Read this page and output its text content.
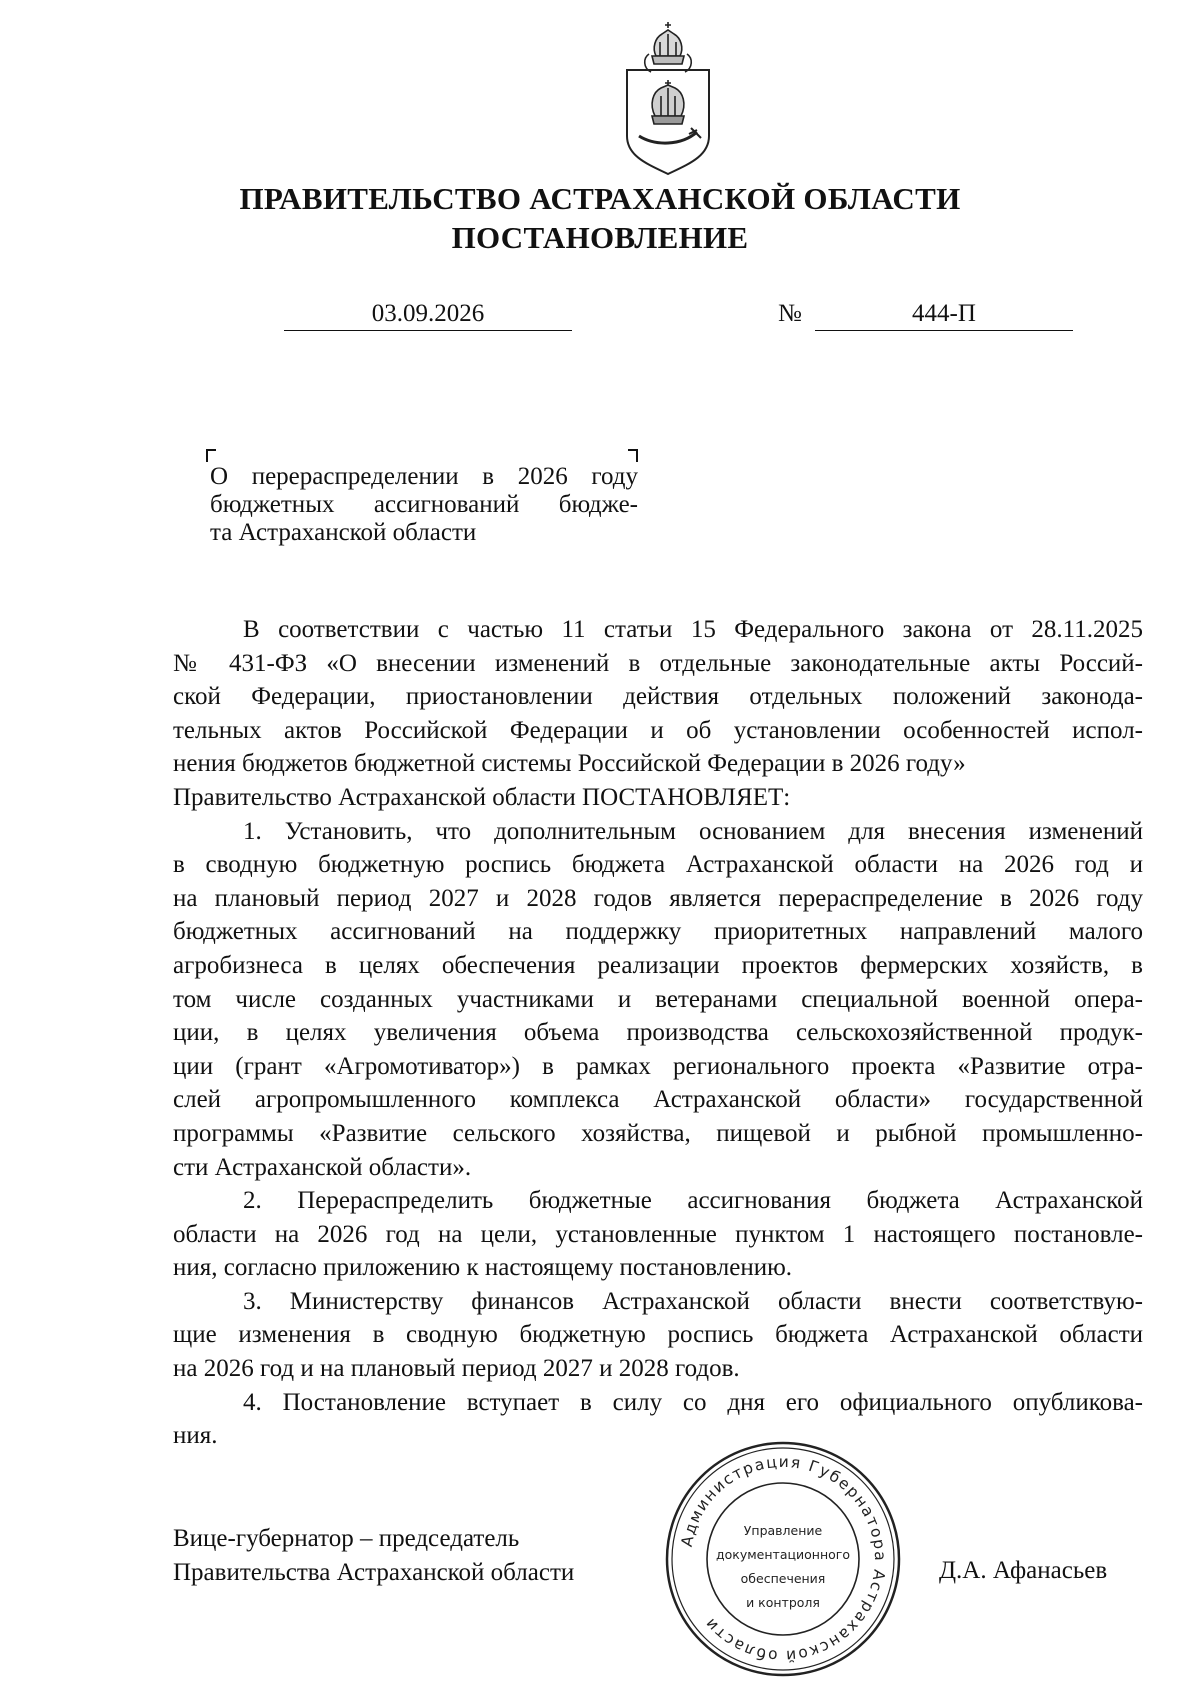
ПРАВИТЕЛЬСТВО АСТРАХАНСКОЙ ОБЛАСТИ
ПОСТАНОВЛЕНИЕ
03.09.2026	№	444-П
О перераспределении в 2026 году
бюджетных ассигнований бюдже-
та Астраханской области
В соответствии с частью 11 статьи 15 Федерального закона от 28.11.2025
№ 431-ФЗ «О внесении изменений в отдельные законодательные акты Россий-
ской Федерации, приостановлении действия отдельных положений законода-
тельных актов Российской Федерации и об установлении особенностей испол-
нения бюджетов бюджетной системы Российской Федерации в 2026 году»
Правительство Астраханской области ПОСТАНОВЛЯЕТ:
1. Установить, что дополнительным основанием для внесения изменений
в сводную бюджетную роспись бюджета Астраханской области на 2026 год и
на плановый период 2027 и 2028 годов является перераспределение в 2026 году
бюджетных ассигнований на поддержку приоритетных направлений малого
агробизнеса в целях обеспечения реализации проектов фермерских хозяйств, в
том числе созданных участниками и ветеранами специальной военной опера-
ции, в целях увеличения объема производства сельскохозяйственной продук-
ции (грант «Агромотиватор») в рамках регионального проекта «Развитие отра-
слей агропромышленного комплекса Астраханской области» государственной
программы «Развитие сельского хозяйства, пищевой и рыбной промышленно-
сти Астраханской области».
2. Перераспределить бюджетные ассигнования бюджета Астраханской
области на 2026 год на цели, установленные пунктом 1 настоящего постановле-
ния, согласно приложению к настоящему постановлению.
3. Министерству финансов Астраханской области внести соответствую-
щие изменения в сводную бюджетную роспись бюджета Астраханской области
на 2026 год и на плановый период 2027 и 2028 годов.
4. Постановление вступает в силу со дня его официального опубликова-
ния.
Вице-губернатор – председатель
Правительства Астраханской области
Администрация Губернатора Астраханской области
Управление
документационного
обеспечения
и контроля
Д.А. Афанасьев
